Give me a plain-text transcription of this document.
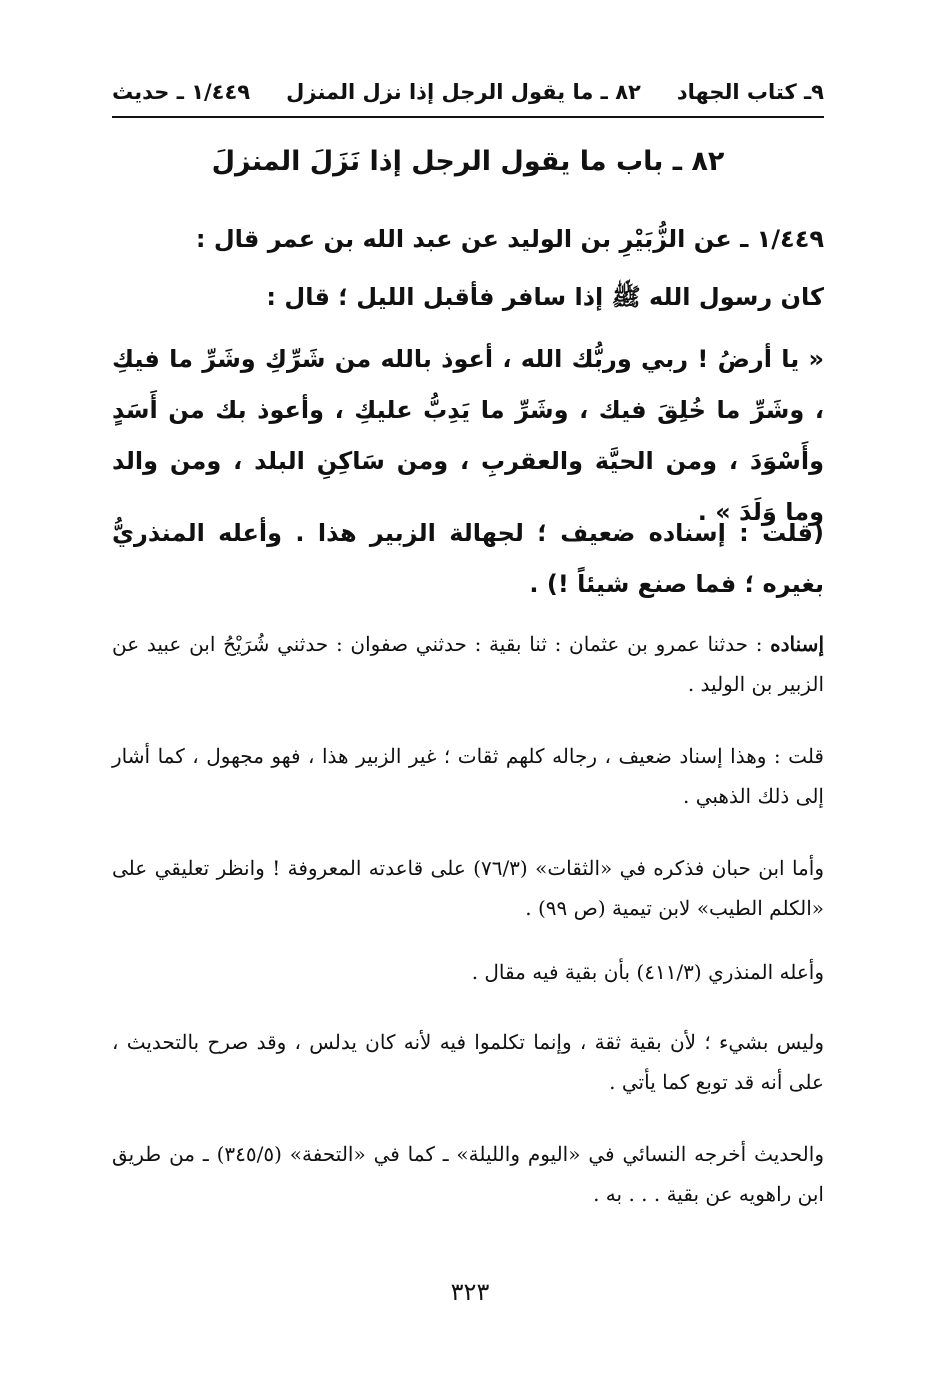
٩ـ كتاب الجهاد
٨٢ ـ ما يقول الرجل إذا نزل المنزل
١/٤٤٩ ـ حديث

٨٢ ـ باب ما يقول الرجل إذا نَزَلَ المنزلَ

١/٤٤٩ ـ عن الزُّبَيْرِ بن الوليد عن عبد الله بن عمر قال :

كان رسول الله ﷺ إذا سافر فأقبل الليل ؛ قال :

« يا أرضُ ! ربي وربُّك الله ، أعوذ بالله من شَرِّكِ وشَرِّ ما فيكِ ، وشَرِّ ما خُلِقَ فيك ، وشَرِّ ما يَدِبُّ عليكِ ، وأعوذ بك من أَسَدٍ وأَسْوَدَ ، ومن الحيَّة والعقربِ ، ومن سَاكِنِ البلد ، ومن والد وما وَلَدَ » .

(قلت : إسناده ضعيف ؛ لجهالة الزبير هذا . وأعله المنذريُّ بغيره ؛ فما صنع شيئاً !) .

إسناده : حدثنا عمرو بن عثمان : ثنا بقية : حدثني صفوان : حدثني شُرَيْحُ ابن عبيد عن الزبير بن الوليد .

قلت : وهذا إسناد ضعيف ، رجاله كلهم ثقات ؛ غير الزبير هذا ، فهو مجهول ، كما أشار إلى ذلك الذهبي .

وأما ابن حبان فذكره في «الثقات» (٧٦/٣) على قاعدته المعروفة ! وانظر تعليقي على «الكلم الطيب» لابن تيمية (ص ٩٩) .

وأعله المنذري (٤١١/٣) بأن بقية فيه مقال .

وليس بشيء ؛ لأن بقية ثقة ، وإنما تكلموا فيه لأنه كان يدلس ، وقد صرح بالتحديث ، على أنه قد توبع كما يأتي .

والحديث أخرجه النسائي في «اليوم والليلة» ـ كما في «التحفة» (٣٤٥/٥) ـ من طريق ابن راهويه عن بقية . . . به .

٣٢٣
